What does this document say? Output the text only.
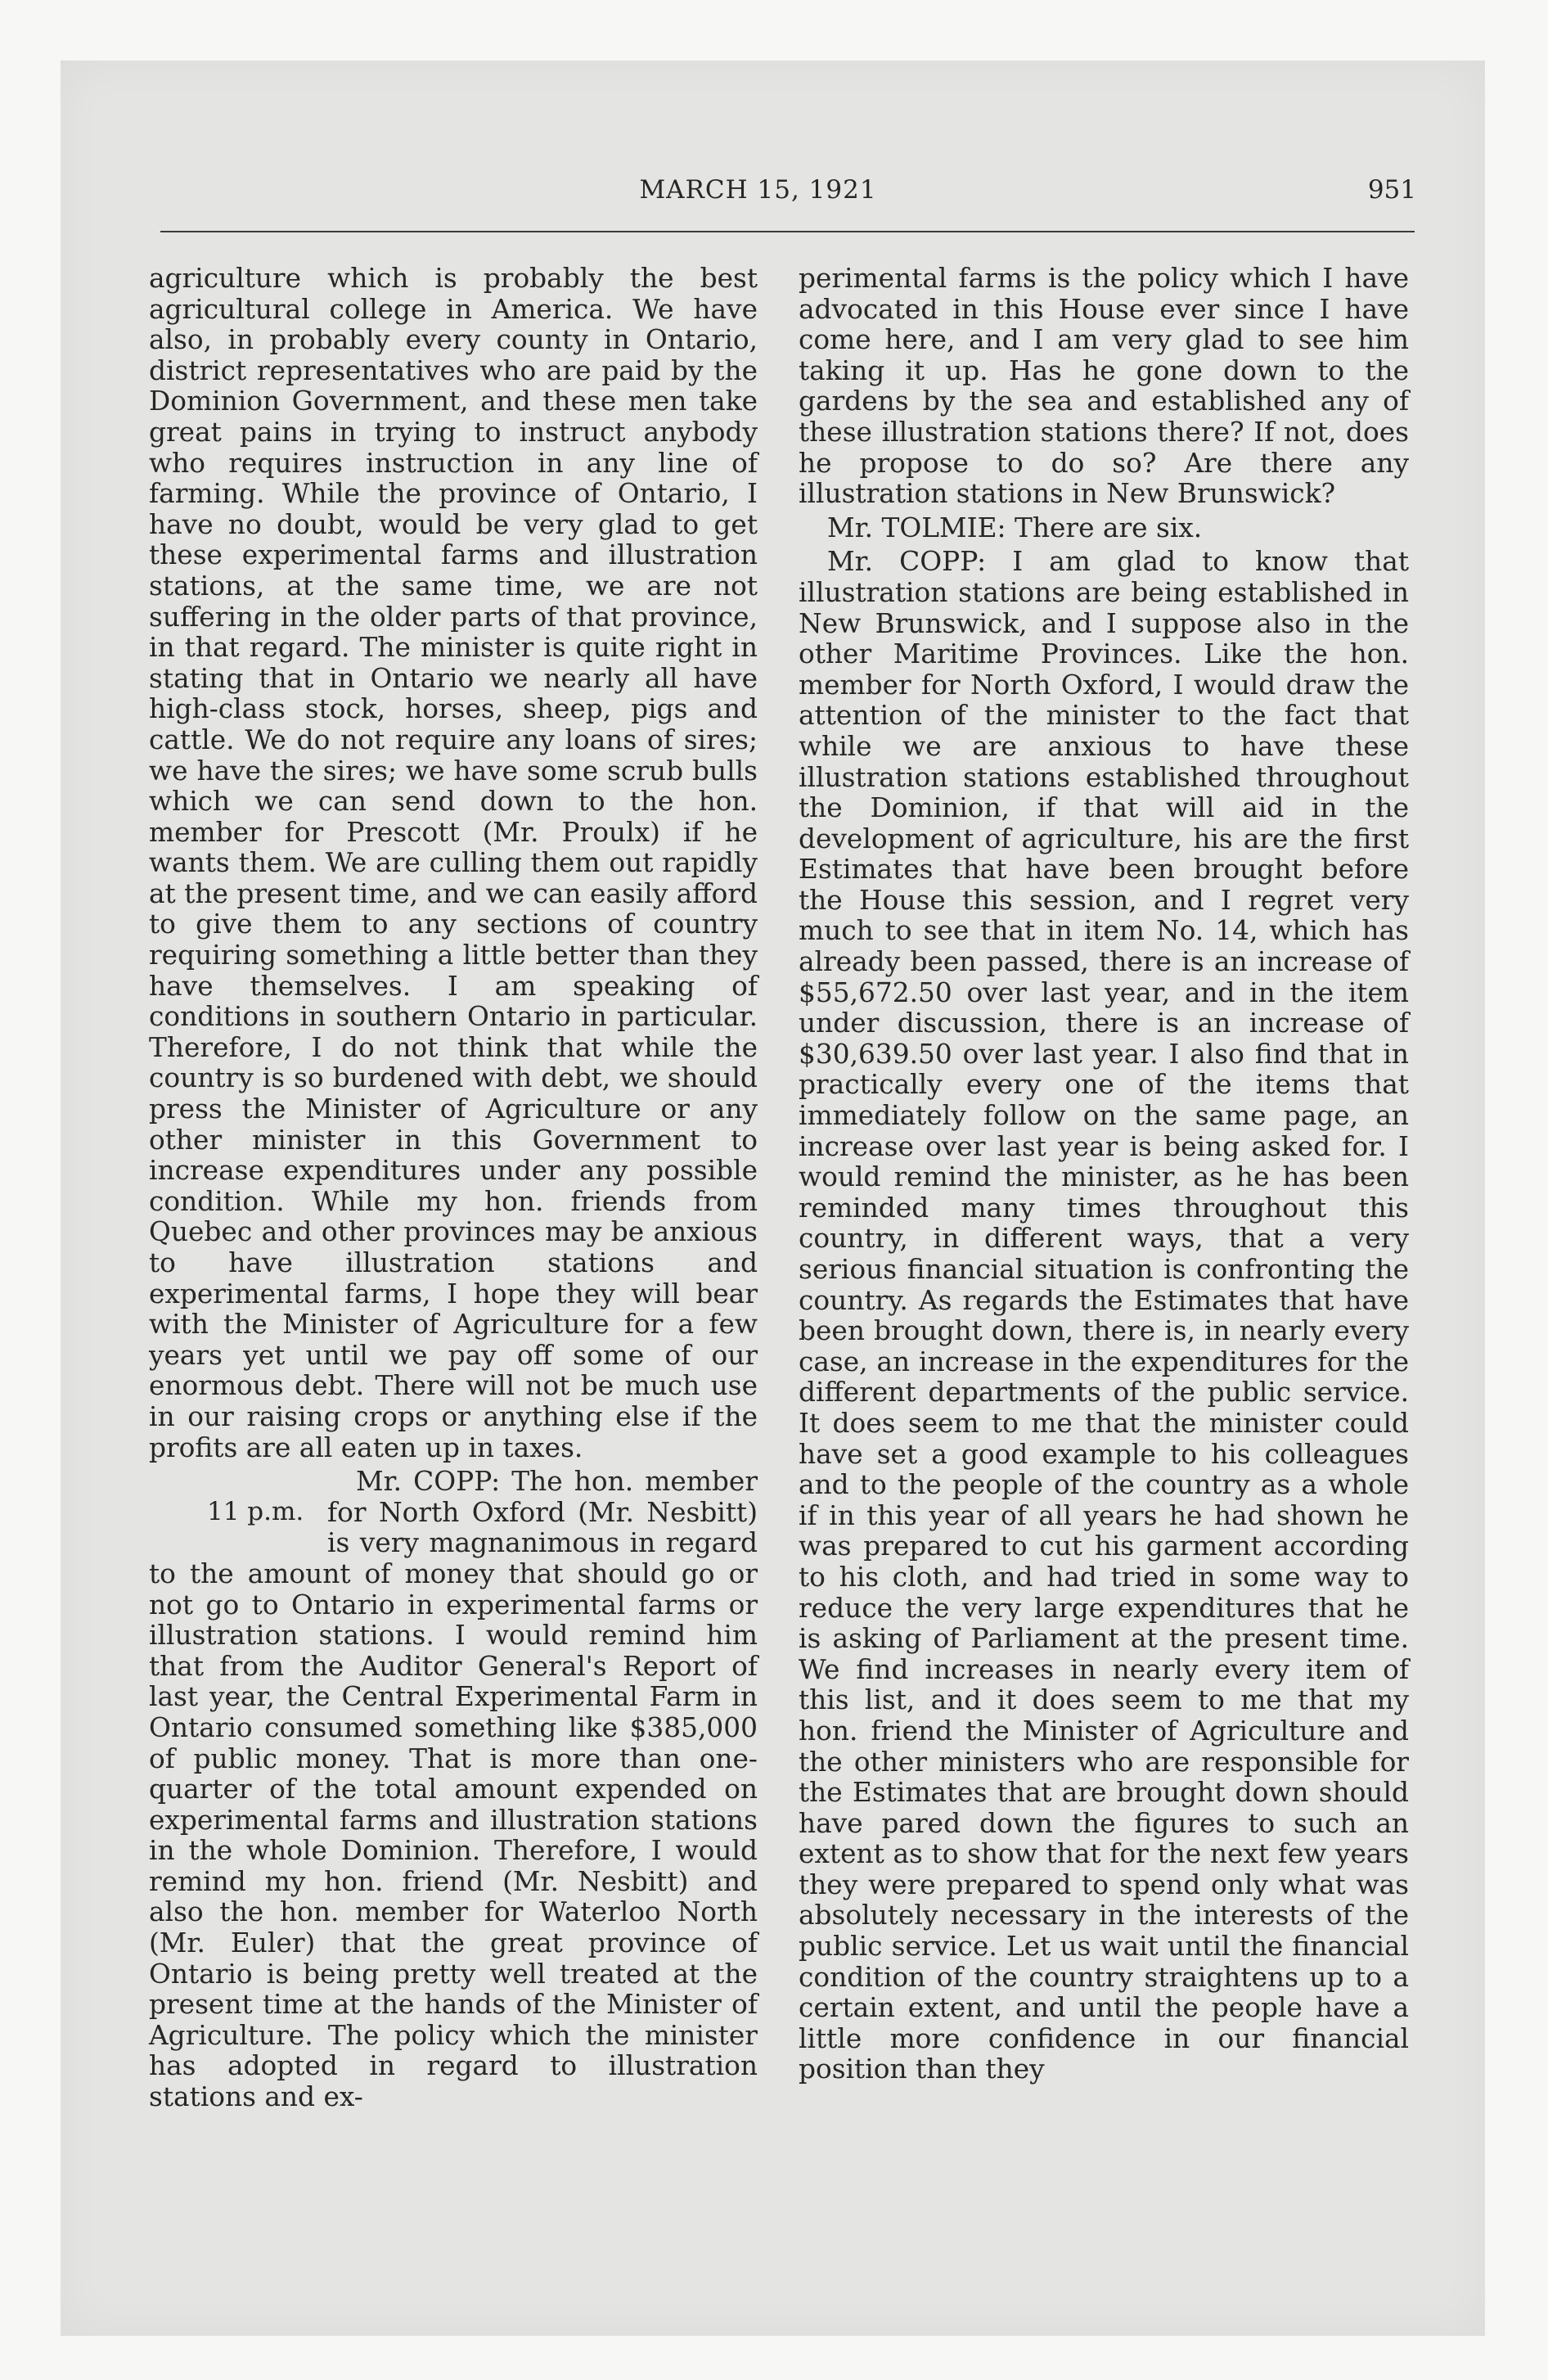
MARCH 15, 1921	951

agriculture which is probably the best agricultural college in America. We have also, in probably every county in Ontario, district representatives who are paid by the Dominion Government, and these men take great pains in trying to instruct anybody who requires instruction in any line of farming. While the province of Ontario, I have no doubt, would be very glad to get these experimental farms and illustration stations, at the same time, we are not suffering in the older parts of that province, in that regard. The minister is quite right in stating that in Ontario we nearly all have high-class stock, horses, sheep, pigs and cattle. We do not require any loans of sires; we have the sires; we have some scrub bulls which we can send down to the hon. member for Prescott (Mr. Proulx) if he wants them. We are culling them out rapidly at the present time, and we can easily afford to give them to any sections of country requiring something a little better than they have themselves. I am speaking of conditions in southern Ontario in particular. Therefore, I do not think that while the country is so burdened with debt, we should press the Minister of Agriculture or any other minister in this Government to increase expenditures under any possible condition. While my hon. friends from Quebec and other provinces may be anxious to have illustration stations and experimental farms, I hope they will bear with the Minister of Agriculture for a few years yet until we pay off some of our enormous debt. There will not be much use in our raising crops or anything else if the profits are all eaten up in taxes.

11 p.m.
Mr. COPP: The hon. member for North Oxford (Mr. Nesbitt) is very magnanimous in regard to the amount of money that should go or not go to Ontario in experimental farms or illustration stations. I would remind him that from the Auditor General's Report of last year, the Central Experimental Farm in Ontario consumed something like $385,000 of public money. That is more than one-quarter of the total amount expended on experimental farms and illustration stations in the whole Dominion. Therefore, I would remind my hon. friend (Mr. Nesbitt) and also the hon. member for Waterloo North (Mr. Euler) that the great province of Ontario is being pretty well treated at the present time at the hands of the Minister of Agriculture. The policy which the minister has adopted in regard to illustration stations and ex-

perimental farms is the policy which I have advocated in this House ever since I have come here, and I am very glad to see him taking it up. Has he gone down to the gardens by the sea and established any of these illustration stations there? If not, does he propose to do so? Are there any illustration stations in New Brunswick?

Mr. TOLMIE: There are six.

Mr. COPP: I am glad to know that illustration stations are being established in New Brunswick, and I suppose also in the other Maritime Provinces. Like the hon. member for North Oxford, I would draw the attention of the minister to the fact that while we are anxious to have these illustration stations established throughout the Dominion, if that will aid in the development of agriculture, his are the first Estimates that have been brought before the House this session, and I regret very much to see that in item No. 14, which has already been passed, there is an increase of $55,672.50 over last year, and in the item under discussion, there is an increase of $30,639.50 over last year. I also find that in practically every one of the items that immediately follow on the same page, an increase over last year is being asked for. I would remind the minister, as he has been reminded many times throughout this country, in different ways, that a very serious financial situation is confronting the country. As regards the Estimates that have been brought down, there is, in nearly every case, an increase in the expenditures for the different departments of the public service. It does seem to me that the minister could have set a good example to his colleagues and to the people of the country as a whole if in this year of all years he had shown he was prepared to cut his garment according to his cloth, and had tried in some way to reduce the very large expenditures that he is asking of Parliament at the present time. We find increases in nearly every item of this list, and it does seem to me that my hon. friend the Minister of Agriculture and the other ministers who are responsible for the Estimates that are brought down should have pared down the figures to such an extent as to show that for the next few years they were prepared to spend only what was absolutely necessary in the interests of the public service. Let us wait until the financial condition of the country straightens up to a certain extent, and until the people have a little more confidence in our financial position than they
